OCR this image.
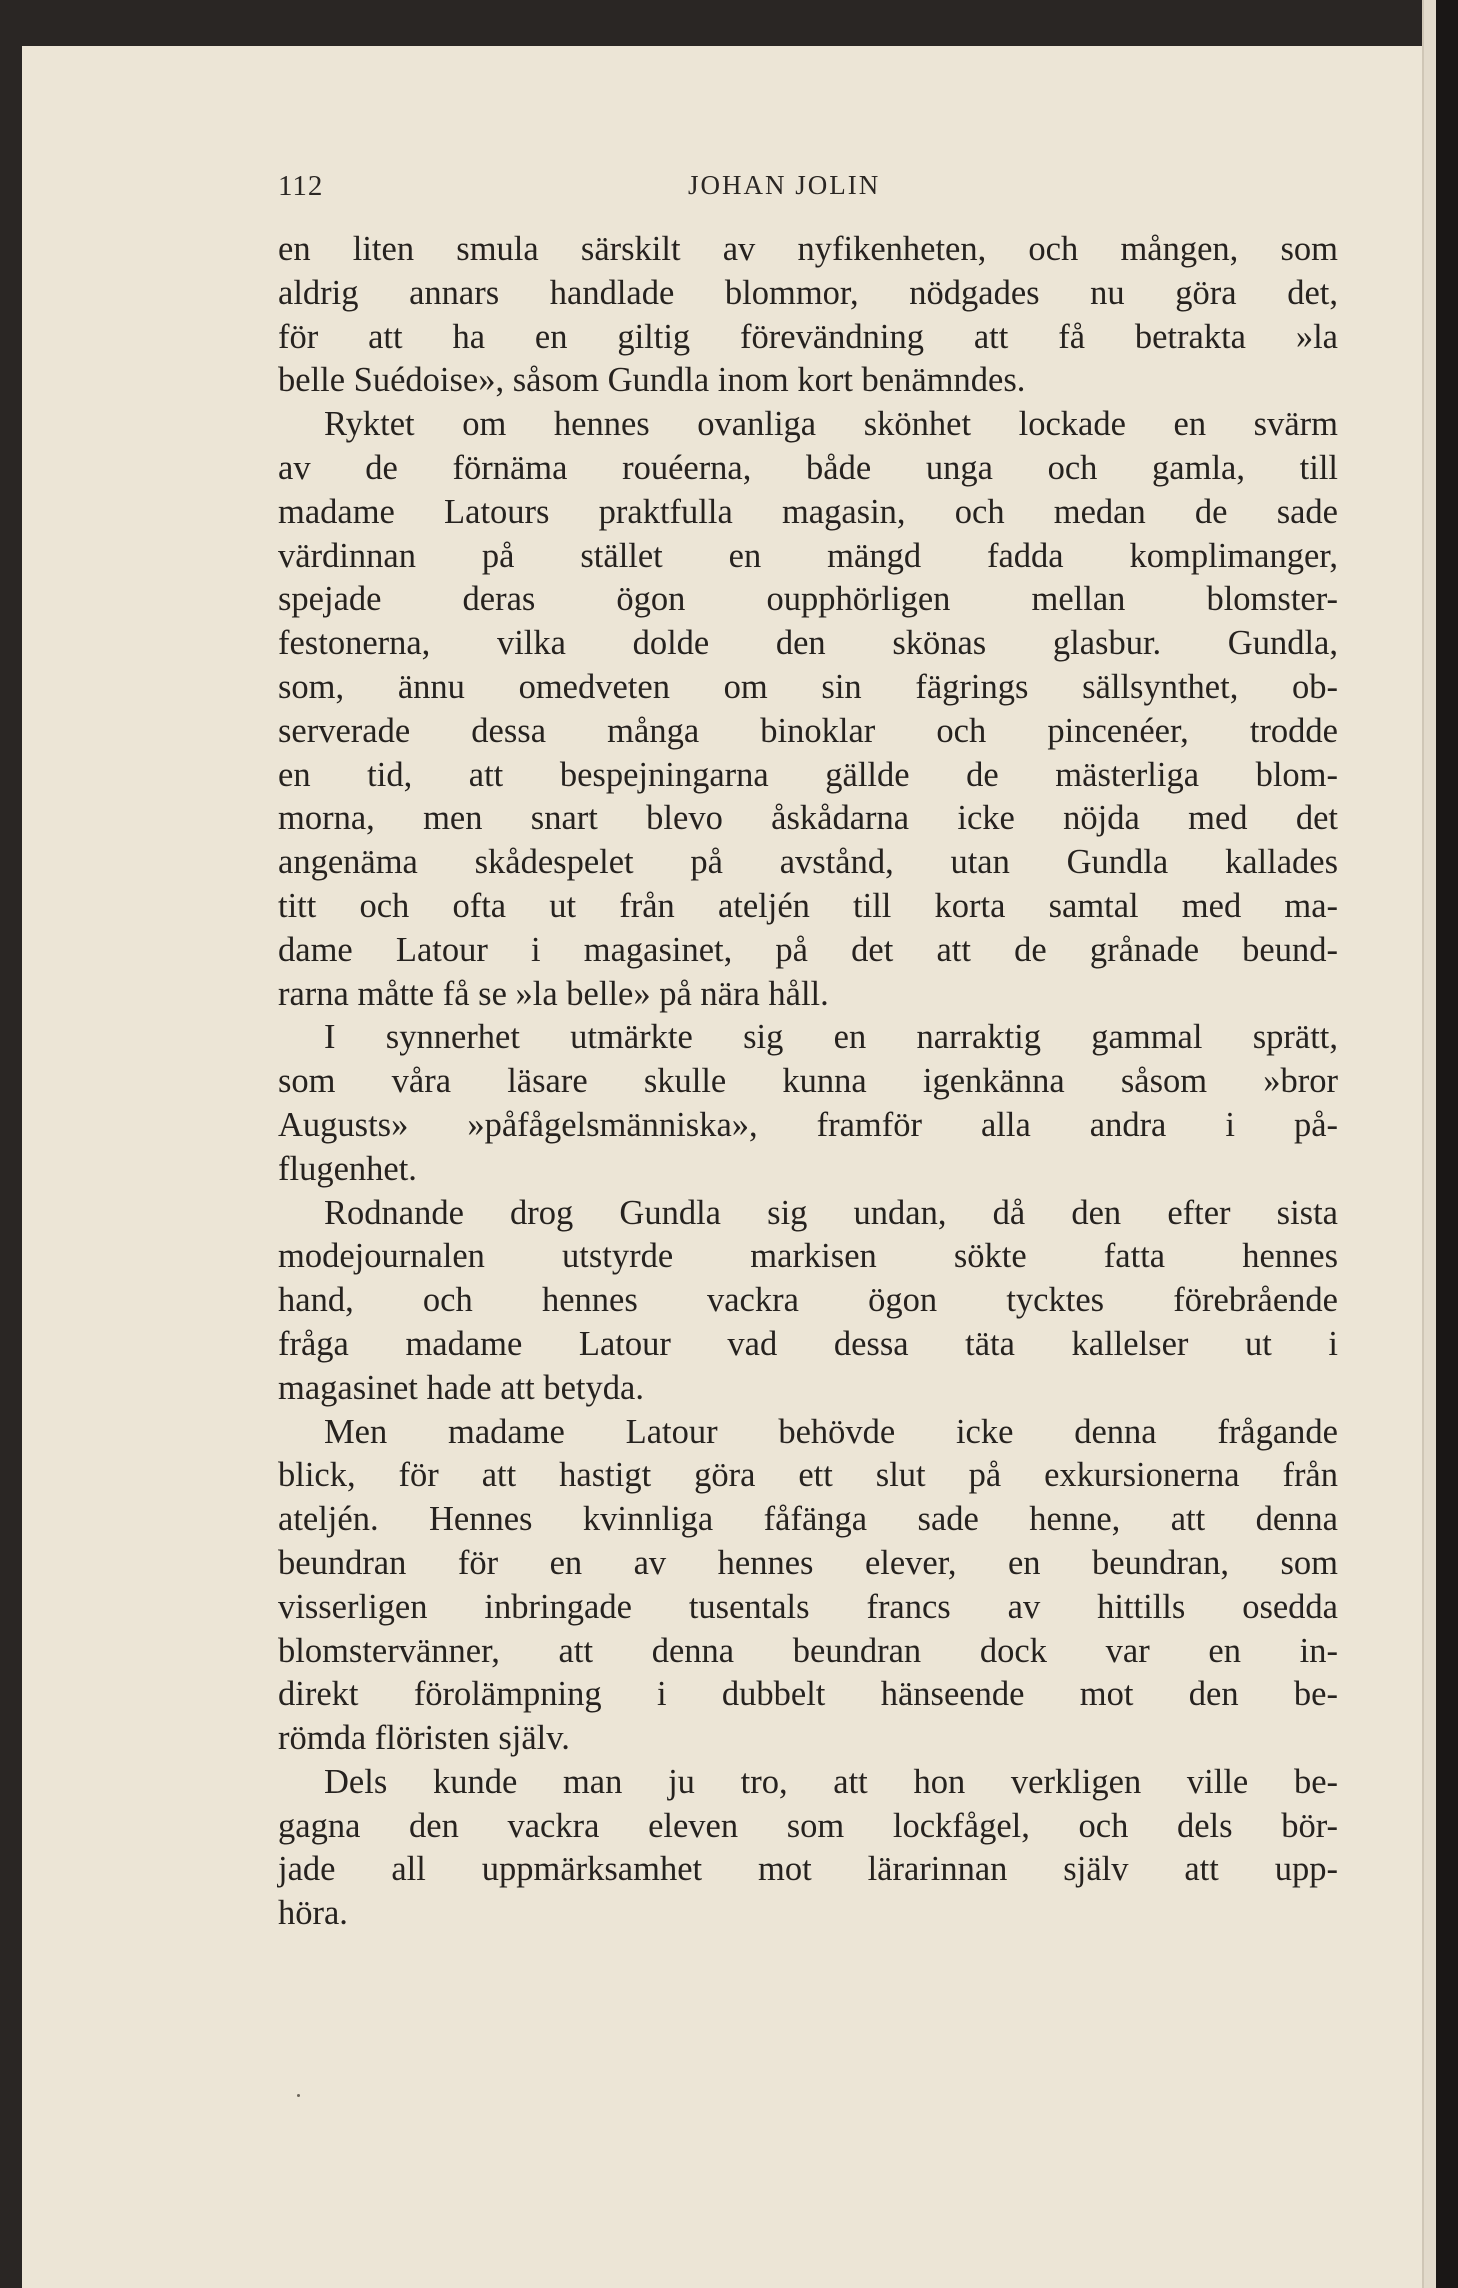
112	JOHAN JOLIN
en liten smula särskilt av nyfikenheten, och mången, som
aldrig annars handlade blommor, nödgades nu göra det,
för att ha en giltig förevändning att få betrakta »la
belle Suédoise», såsom Gundla inom kort benämndes.
Ryktet om hennes ovanliga skönhet lockade en svärm
av de förnäma rouéerna, både unga och gamla, till
madame Latours praktfulla magasin, och medan de sade
värdinnan på stället en mängd fadda komplimanger,
spejade deras ögon oupphörligen mellan blomster-
festonerna, vilka dolde den skönas glasbur. Gundla,
som, ännu omedveten om sin fägrings sällsynthet, ob-
serverade dessa många binoklar och pincenéer, trodde
en tid, att bespejningarna gällde de mästerliga blom-
morna, men snart blevo åskådarna icke nöjda med det
angenäma skådespelet på avstånd, utan Gundla kallades
titt och ofta ut från ateljén till korta samtal med ma-
dame Latour i magasinet, på det att de grånade beund-
rarna måtte få se »la belle» på nära håll.
I synnerhet utmärkte sig en narraktig gammal sprätt,
som våra läsare skulle kunna igenkänna såsom »bror
Augusts» »påfågelsmänniska», framför alla andra i på-
flugenhet.
Rodnande drog Gundla sig undan, då den efter sista
modejournalen utstyrde markisen sökte fatta hennes
hand, och hennes vackra ögon tycktes förebrående
fråga madame Latour vad dessa täta kallelser ut i
magasinet hade att betyda.
Men madame Latour behövde icke denna frågande
blick, för att hastigt göra ett slut på exkursionerna från
ateljén. Hennes kvinnliga fåfänga sade henne, att denna
beundran för en av hennes elever, en beundran, som
visserligen inbringade tusentals francs av hittills osedda
blomstervänner, att denna beundran dock var en in-
direkt förolämpning i dubbelt hänseende mot den be-
römda flöristen själv.
Dels kunde man ju tro, att hon verkligen ville be-
gagna den vackra eleven som lockfågel, och dels bör-
jade all uppmärksamhet mot lärarinnan själv att upp-
höra.
